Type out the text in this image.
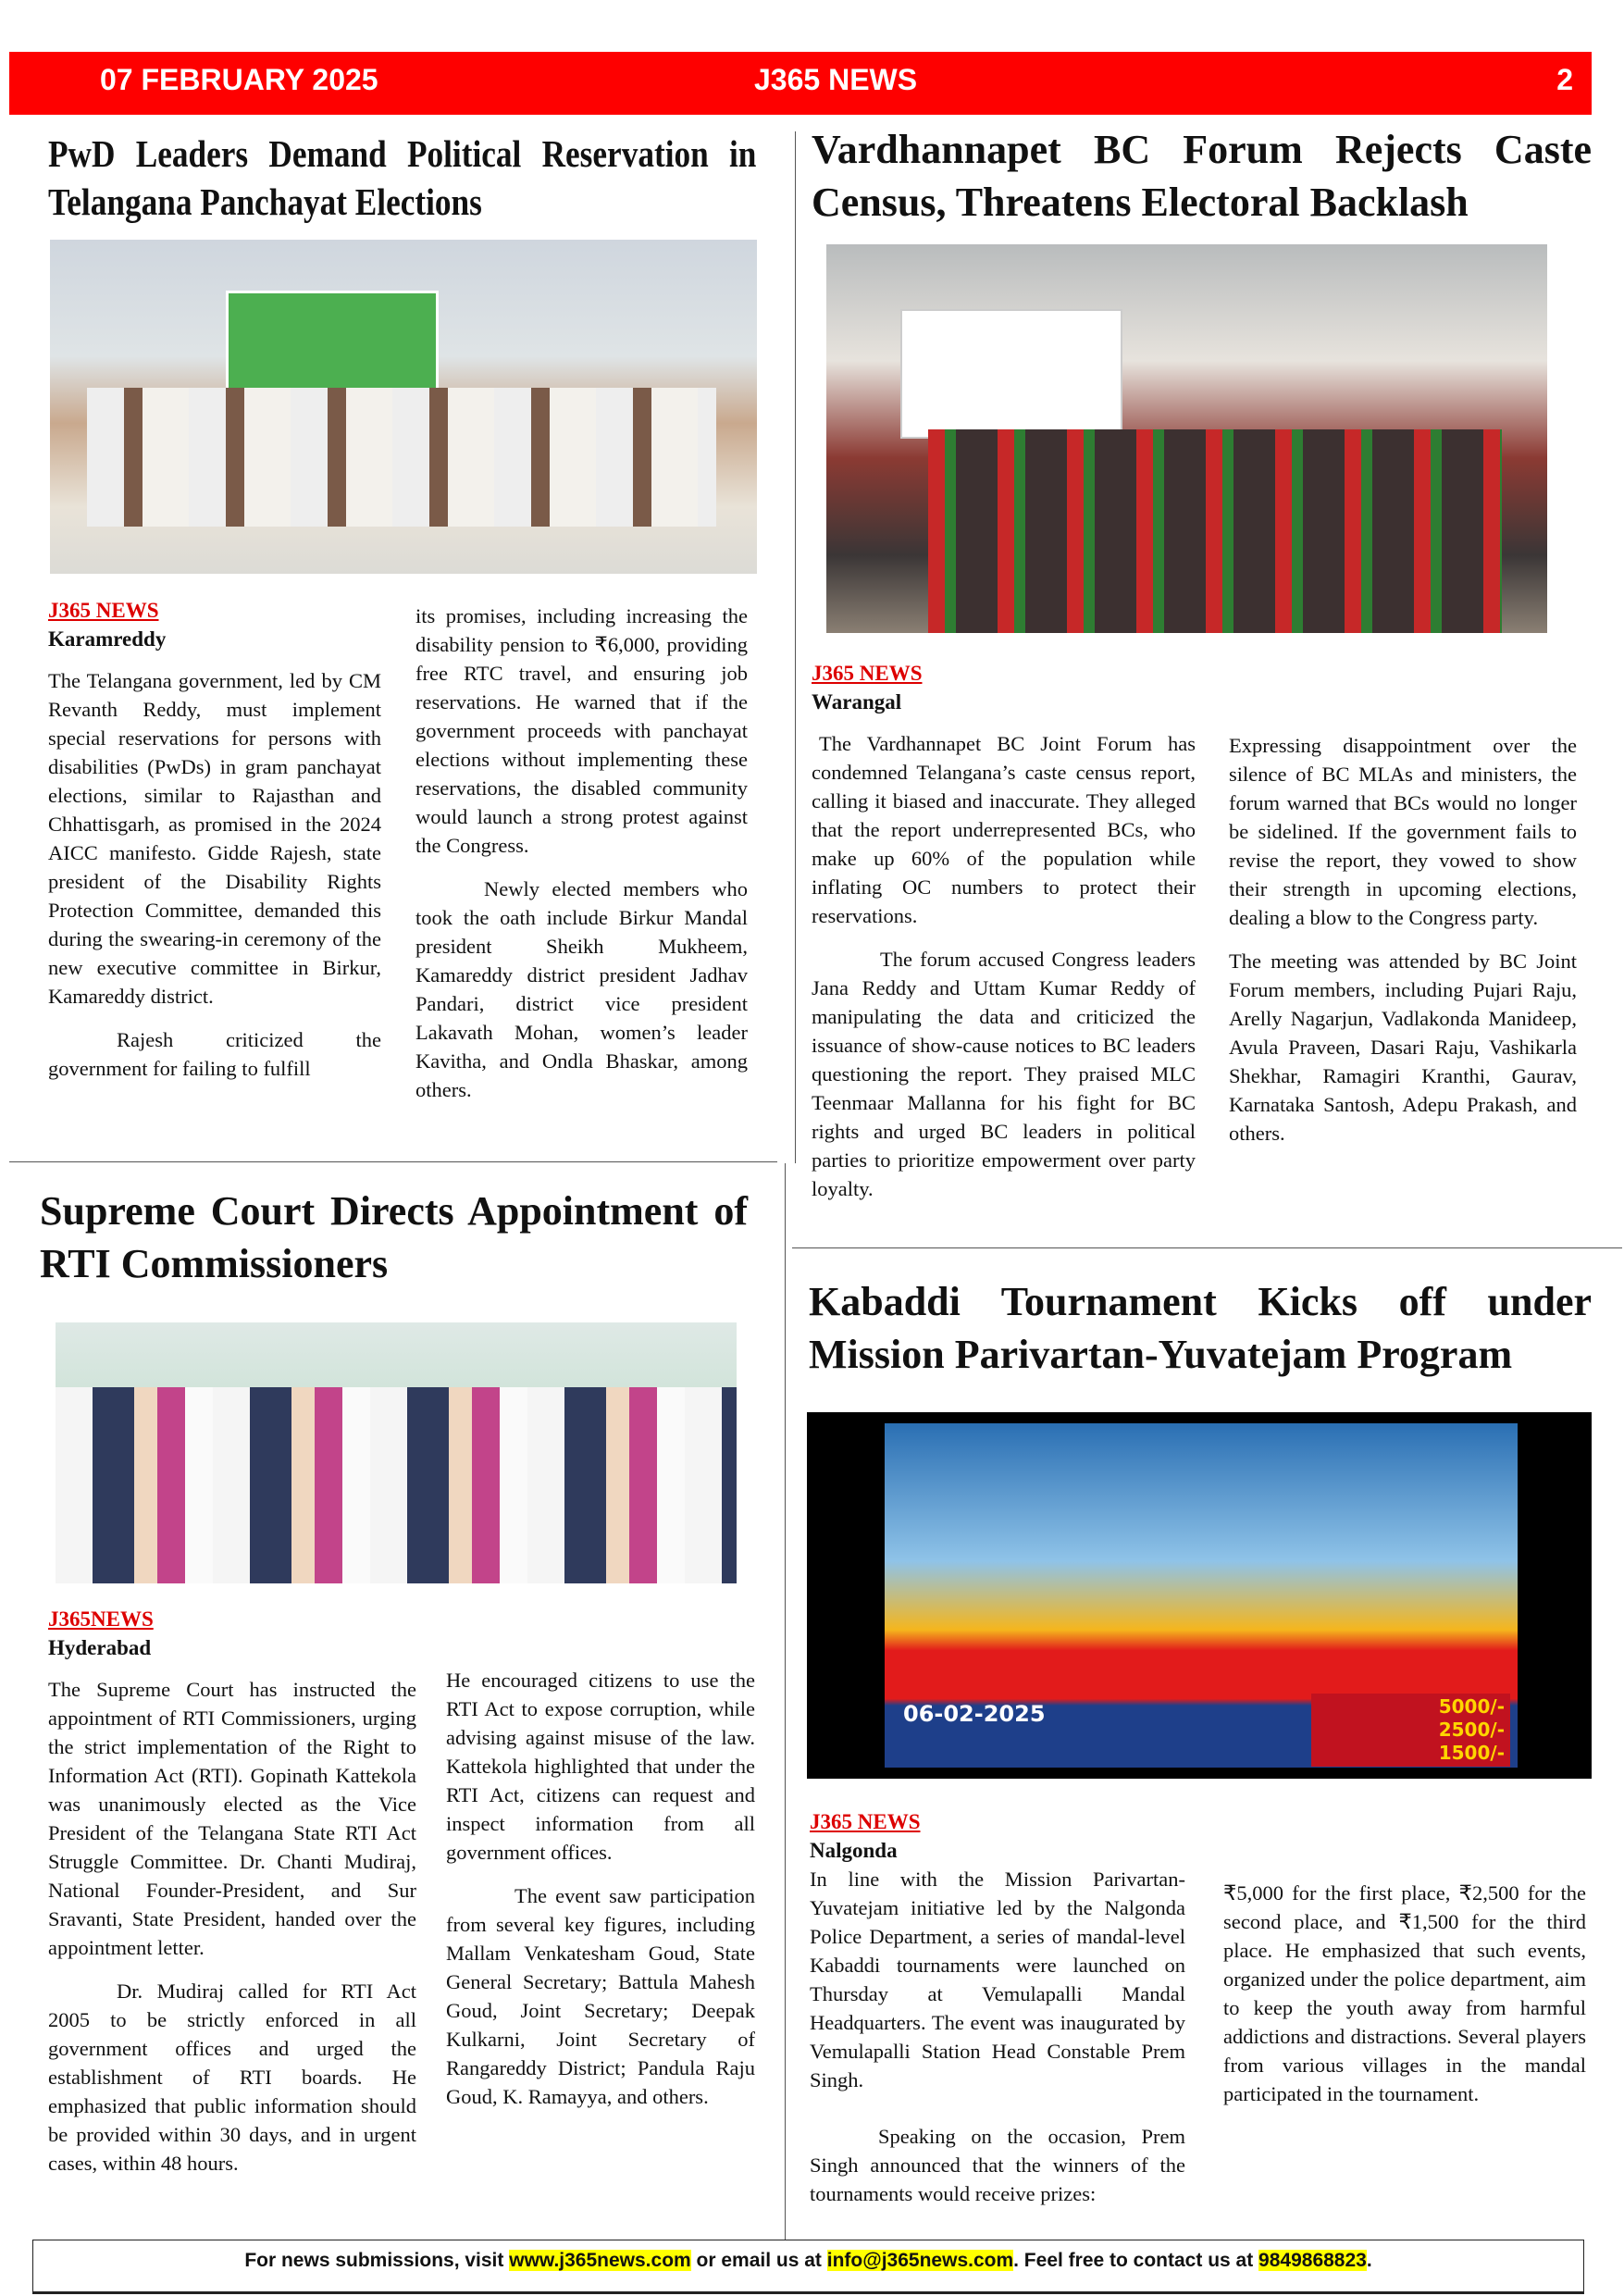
07 FEBRUARY 2025	J365 NEWS	2
PwD Leaders Demand Political Reservation in Telangana Panchayat Elections
J365 NEWS
Karamreddy

The Telangana government, led by CM Revanth Reddy, must implement special reservations for persons with disabilities (PwDs) in gram panchayat elections, similar to Rajasthan and Chhattisgarh, as promised in the 2024 AICC manifesto. Gidde Rajesh, state president of the Disability Rights Protection Committee, demanded this during the swearing-in ceremony of the new executive committee in Birkur, Kamareddy district.

Rajesh criticized the government for failing to fulfill

its promises, including increasing the disability pension to ₹6,000, providing free RTC travel, and ensuring job reservations. He warned that if the government proceeds with panchayat elections without implementing these reservations, the disabled community would launch a strong protest against the Congress.

Newly elected members who took the oath include Birkur Mandal president Sheikh Mukheem, Kamareddy district president Jadhav Pandari, district vice president Lakavath Mohan, women’s leader Kavitha, and Ondla Bhaskar, among others.

Vardhannapet BC Forum Rejects Caste Census, Threatens Electoral Backlash
J365 NEWS
Warangal

The Vardhannapet BC Joint Forum has condemned Telangana’s caste census report, calling it biased and inaccurate. They alleged that the report underrepresented BCs, who make up 60% of the population while inflating OC numbers to protect their reservations.

The forum accused Congress leaders Jana Reddy and Uttam Kumar Reddy of manipulating the data and criticized the issuance of show-cause notices to BC leaders questioning the report. They praised MLC Teenmaar Mallanna for his fight for BC rights and urged BC leaders in political parties to prioritize empowerment over party loyalty.

Expressing disappointment over the silence of BC MLAs and ministers, the forum warned that BCs would no longer be sidelined. If the government fails to revise the report, they vowed to show their strength in upcoming elections, dealing a blow to the Congress party.

The meeting was attended by BC Joint Forum members, including Pujari Raju, Arelly Nagarjun, Vadlakonda Manideep, Avula Praveen, Dasari Raju, Vashikarla Shekhar, Ramagiri Kranthi, Gaurav, Karnataka Santosh, Adepu Prakash, and others.

Supreme Court Directs Appointment of RTI Commissioners
J365NEWS
Hyderabad

The Supreme Court has instructed the appointment of RTI Commissioners, urging the strict implementation of the Right to Information Act (RTI). Gopinath Kattekola was unanimously elected as the Vice President of the Telangana State RTI Act Struggle Committee. Dr. Chanti Mudiraj, National Founder-President, and Sur Sravanti, State President, handed over the appointment letter.

Dr. Mudiraj called for RTI Act 2005 to be strictly enforced in all government offices and urged the establishment of RTI boards. He emphasized that public information should be provided within 30 days, and in urgent cases, within 48 hours.

He encouraged citizens to use the RTI Act to expose corruption, while advising against misuse of the law. Kattekola highlighted that under the RTI Act, citizens can request and inspect information from all government offices.

The event saw participation from several key figures, including Mallam Venkatesham Goud, State General Secretary; Battula Mahesh Goud, Joint Secretary; Deepak Kulkarni, Joint Secretary of Rangareddy District; Pandula Raju Goud, K. Ramayya, and others.

Kabaddi Tournament Kicks off under Mission Parivartan-Yuvatejam Program
06-02-2025	5000/-
2500/-
1500/-
J365 NEWS
Nalgonda

In line with the Mission Parivartan-Yuvatejam initiative led by the Nalgonda Police Department, a series of mandal-level Kabaddi tournaments were launched on Thursday at Vemulapalli Mandal Headquarters. The event was inaugurated by Vemulapalli Station Head Constable Prem Singh.

Speaking on the occasion, Prem Singh announced that the winners of the tournaments would receive prizes:

₹5,000 for the first place, ₹2,500 for the second place, and ₹1,500 for the third place. He emphasized that such events, organized under the police department, aim to keep the youth away from harmful addictions and distractions. Several players from various villages in the mandal participated in the tournament.

For news submissions, visit www.j365news.com or email us at info@j365news.com. Feel free to contact us at 9849868823.
